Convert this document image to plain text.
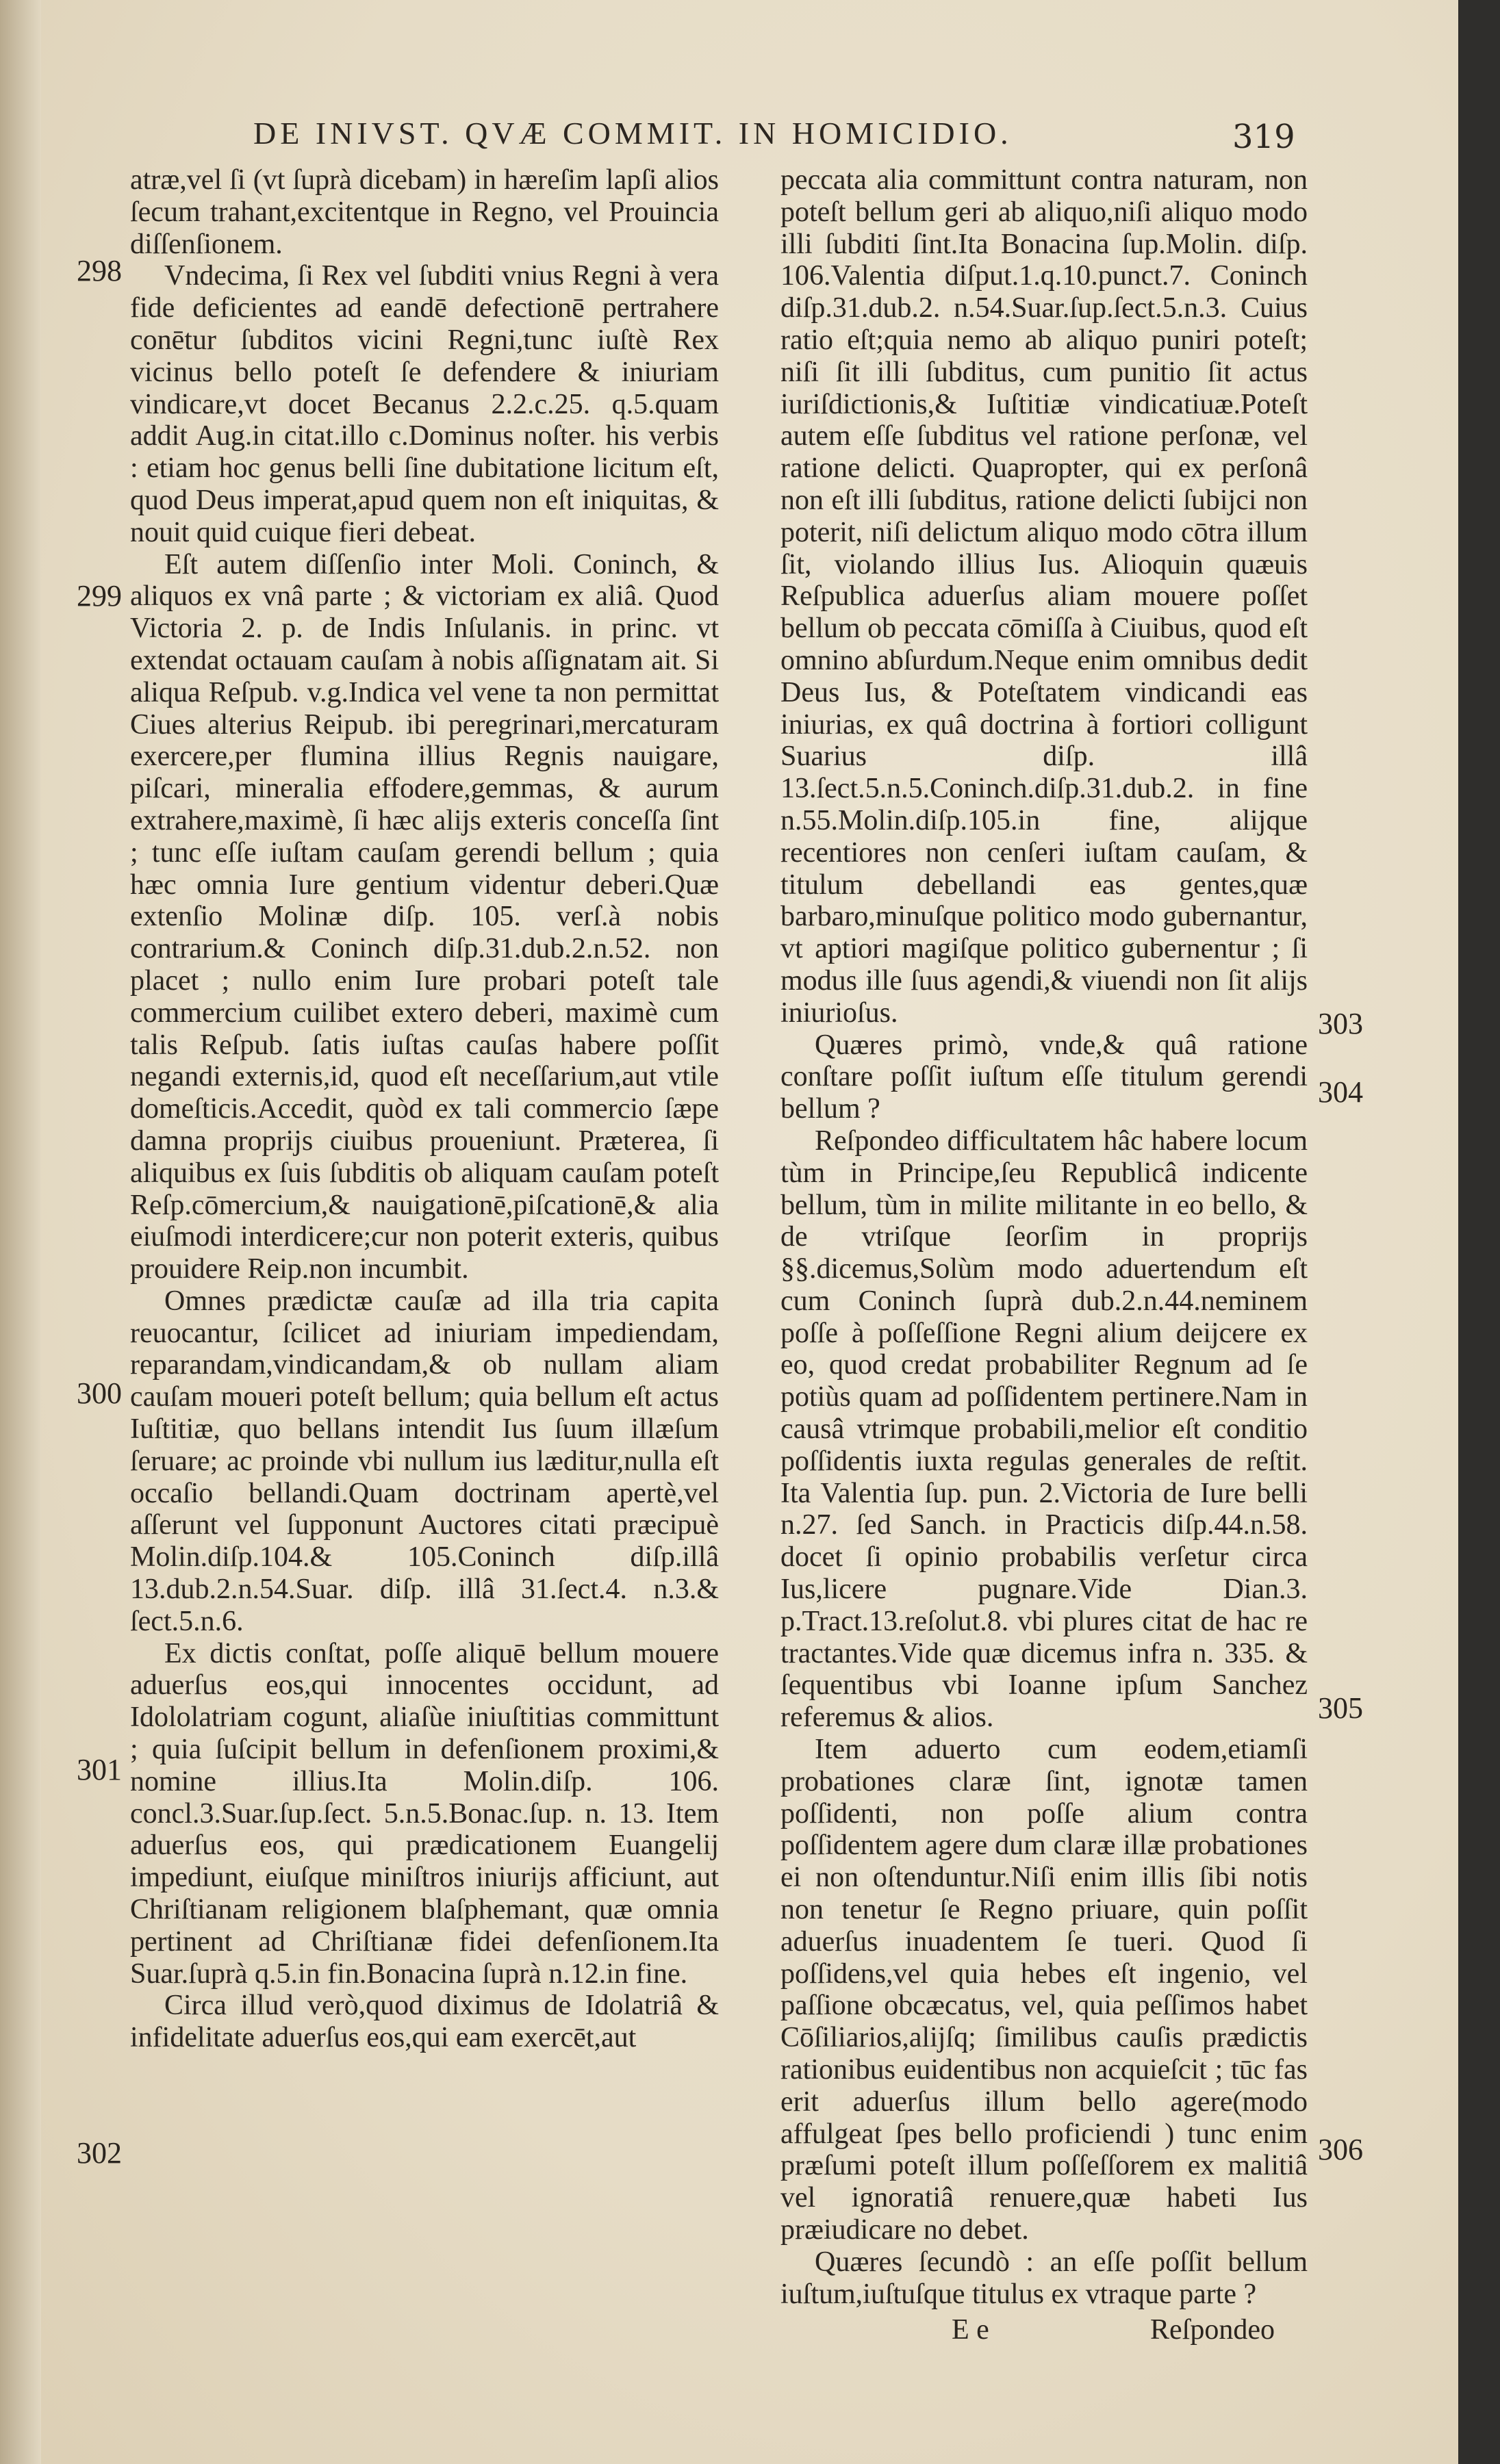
DE INIVST. QVÆ COMMIT. IN HOMICIDIO.	319

atræ,vel ſi (vt ſuprà dicebam) in hæreſim lapſi alios ſecum trahant,excitentque in Regno, vel Prouincia diſſenſionem.

Vndecima, ſi Rex vel ſubditi vnius Regni à vera fide deficientes ad eandē defectionē pertrahere conētur ſubditos vicini Regni,tunc iuſtè Rex vicinus bello poteſt ſe defendere & iniuriam vindicare,vt docet Becanus 2.2.c.25. q.5.quam addit Aug.in citat.illo c.Dominus noſter. his verbis : etiam hoc genus belli ſine dubitatione licitum eſt, quod Deus imperat,apud quem non eſt iniquitas, & nouit quid cuique fieri debeat.

Eſt autem diſſenſio inter Moli. Coninch, & aliquos ex vnâ parte ; & victoriam ex aliâ. Quod Victoria 2. p. de Indis Inſulanis. in princ. vt extendat octauam cauſam à nobis aſſignatam ait. Si aliqua Reſpub. v.g.Indica vel vene ta non permittat Ciues alterius Reipub. ibi peregrinari,mercaturam exercere,per flumina illius Regnis nauigare, piſcari, mineralia effodere,gemmas, & aurum extrahere,maximè, ſi hæc alijs exteris conceſſa ſint ; tunc eſſe iuſtam cauſam gerendi bellum ; quia hæc omnia Iure gentium videntur deberi.Quæ extenſio Molinæ diſp. 105. verſ.à nobis contrarium.& Coninch diſp.31.dub.2.n.52. non placet ; nullo enim Iure probari poteſt tale commercium cuilibet extero deberi, maximè cum talis Reſpub. ſatis iuſtas cauſas habere poſſit negandi externis,id, quod eſt neceſſarium,aut vtile domeſticis.Accedit, quòd ex tali commercio ſæpe damna proprijs ciuibus proueniunt. Præterea, ſi aliquibus ex ſuis ſubditis ob aliquam cauſam poteſt Reſp.cōmercium,& nauigationē,piſcationē,& alia eiuſmodi interdicere;cur non poterit exteris, quibus prouidere Reip.non incumbit.

Omnes prædictæ cauſæ ad illa tria capita reuocantur, ſcilicet ad iniuriam impediendam, reparandam,vindicandam,& ob nullam aliam cauſam moueri poteſt bellum; quia bellum eſt actus Iuſtitiæ, quo bellans intendit Ius ſuum illæſum ſeruare; ac proinde vbi nullum ius læditur,nulla eſt occaſio bellandi.Quam doctrinam apertè,vel aſſerunt vel ſupponunt Auctores citati præcipuè Molin.diſp.104.& 105.Coninch diſp.illâ 13.dub.2.n.54.Suar. diſp. illâ 31.ſect.4. n.3.& ſect.5.n.6.

Ex dictis conſtat, poſſe aliquē bellum mouere aduerſus eos,qui innocentes occidunt, ad Idololatriam cogunt, aliaſùe iniuſtitias committunt ; quia ſuſcipit bellum in defenſionem proximi,& nomine illius.Ita Molin.diſp. 106. concl.3.Suar.ſup.ſect. 5.n.5.Bonac.ſup. n. 13. Item aduerſus eos, qui prædicationem Euangelij impediunt, eiuſque miniſtros iniurijs afficiunt, aut Chriſtianam religionem blaſphemant, quæ omnia pertinent ad Chriſtianæ fidei defenſionem.Ita Suar.ſuprà q.5.in fin.Bonacina ſuprà n.12.in fine.

Circa illud verò,quod diximus de Idolatriâ & infidelitate aduerſus eos,qui eam exercēt,aut

peccata alia committunt contra naturam, non poteſt bellum geri ab aliquo,niſi aliquo modo illi ſubditi ſint.Ita Bonacina ſup.Molin. diſp. 106.Valentia diſput.1.q.10.punct.7. Coninch diſp.31.dub.2. n.54.Suar.ſup.ſect.5.n.3. Cuius ratio eſt;quia nemo ab aliquo puniri poteſt; niſi ſit illi ſubditus, cum punitio ſit actus iuriſdictionis,& Iuſtitiæ vindicatiuæ.Poteſt autem eſſe ſubditus vel ratione perſonæ, vel ratione delicti. Quapropter, qui ex perſonâ non eſt illi ſubditus, ratione delicti ſubijci non poterit, niſi delictum aliquo modo cōtra illum ſit, violando illius Ius. Alioquin quæuis Reſpublica aduerſus aliam mouere poſſet bellum ob peccata cōmiſſa à Ciuibus, quod eſt omnino abſurdum.Neque enim omnibus dedit Deus Ius, & Poteſtatem vindicandi eas iniurias, ex quâ doctrina à fortiori colligunt Suarius diſp. illâ 13.ſect.5.n.5.Coninch.diſp.31.dub.2. in fine n.55.Molin.diſp.105.in fine, alijque recentiores non cenſeri iuſtam cauſam, & titulum debellandi eas gentes,quæ barbaro,minuſque politico modo gubernantur, vt aptiori magiſque politico gubernentur ; ſi modus ille ſuus agendi,& viuendi non ſit alijs iniurioſus.

Quæres primò, vnde,& quâ ratione conſtare poſſit iuſtum eſſe titulum gerendi bellum ?

Reſpondeo difficultatem hâc habere locum tùm in Principe,ſeu Republicâ indicente bellum, tùm in milite militante in eo bello, & de vtriſque ſeorſim in proprijs §§.dicemus,Solùm modo aduertendum eſt cum Coninch ſuprà dub.2.n.44.neminem poſſe à poſſeſſione Regni alium deijcere ex eo, quod credat probabiliter Regnum ad ſe potiùs quam ad poſſidentem pertinere.Nam in causâ vtrimque probabili,melior eſt conditio poſſidentis iuxta regulas generales de reſtit. Ita Valentia ſup. pun. 2.Victoria de Iure belli n.27. ſed Sanch. in Practicis diſp.44.n.58. docet ſi opinio probabilis verſetur circa Ius,licere pugnare.Vide Dian.3. p.Tract.13.reſolut.8. vbi plures citat de hac re tractantes.Vide quæ dicemus infra n. 335. & ſequentibus vbi Ioanne ipſum Sanchez referemus & alios.

Item aduerto cum eodem,etiamſi probationes claræ ſint, ignotæ tamen poſſidenti, non poſſe alium contra poſſidentem agere dum claræ illæ probationes ei non oſtenduntur.Niſi enim illis ſibi notis non tenetur ſe Regno priuare, quin poſſit aduerſus inuadentem ſe tueri. Quod ſi poſſidens,vel quia hebes eſt ingenio, vel paſſione obcæcatus, vel, quia peſſimos habet Cōſiliarios,alijſq; ſimilibus cauſis prædictis rationibus euidentibus non acquieſcit ; tūc fas erit aduerſus illum bello agere(modo affulgeat ſpes bello proficiendi ) tunc enim præſumi poteſt illum poſſeſſorem ex malitiâ vel ignoratiâ renuere,quæ habeti Ius præiudicare no debet.

Quæres ſecundò : an eſſe poſſit bellum iuſtum,iuſtuſque titulus ex vtraque parte ?

298
299
300
301
302
303
304
305
306
E e	Reſpondeo
